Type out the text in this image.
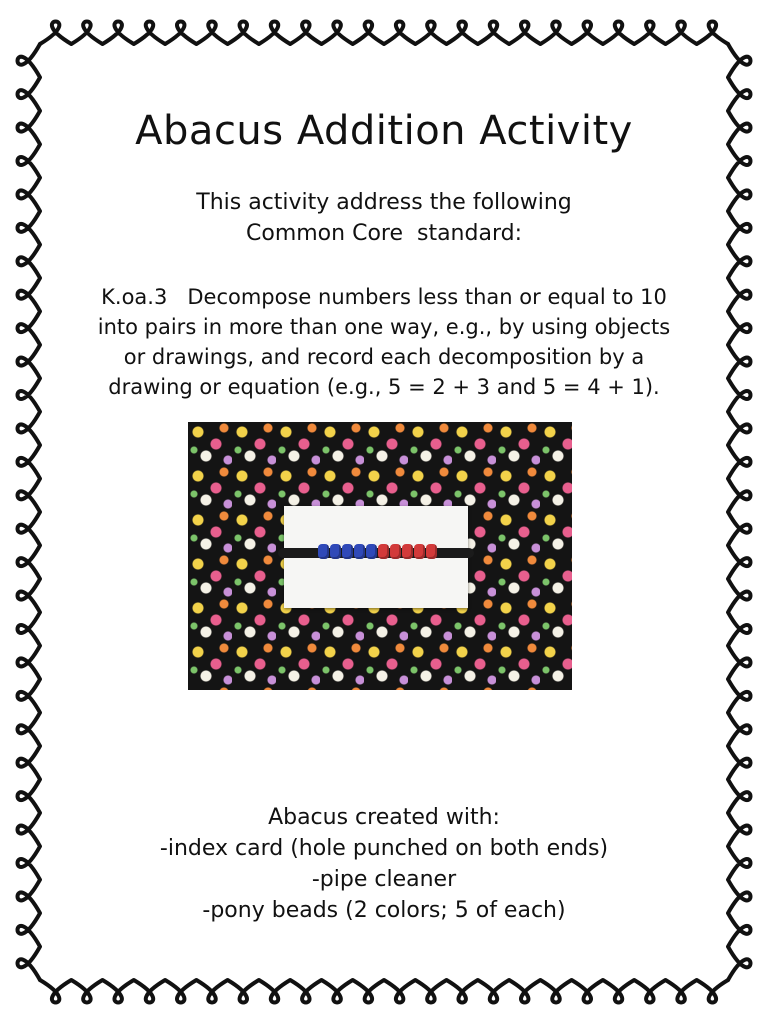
Abacus Addition Activity
This activity address the following
Common Core  standard:
K.oa.3   Decompose numbers less than or equal to 10
into pairs in more than one way, e.g., by using objects
or drawings, and record each decomposition by a
drawing or equation (e.g., 5 = 2 + 3 and 5 = 4 + 1).
Abacus created with:
-index card (hole punched on both ends)
-pipe cleaner
-pony beads (2 colors; 5 of each)
